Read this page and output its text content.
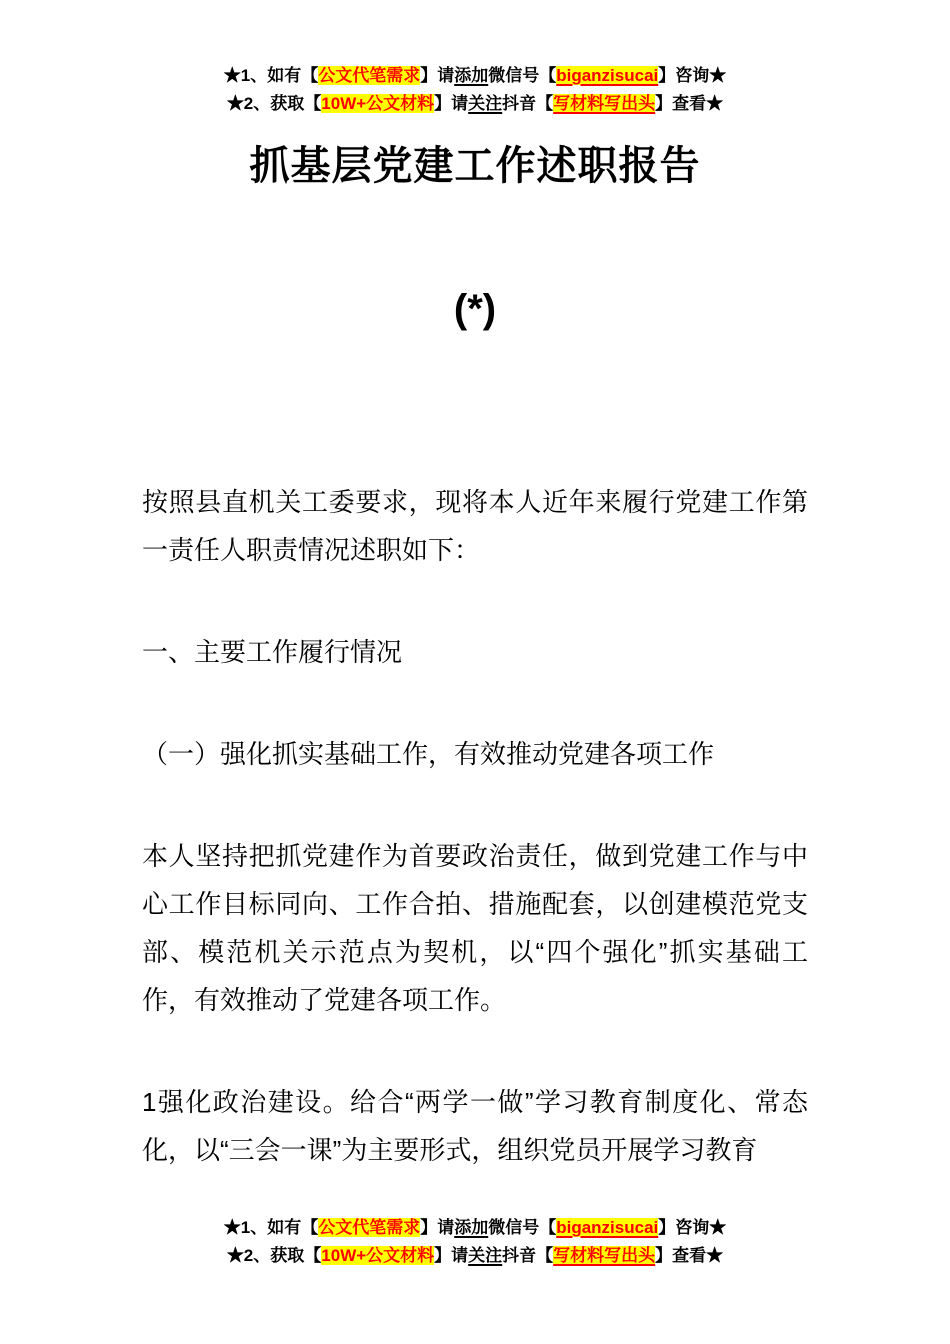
★1、如有【公文代笔需求】请添加微信号【biganzisucai】咨询★
★2、获取【10W+公文材料】请关注抖音【写材料写出头】查看★
抓基层党建工作述职报告
(*)
按照县直机关工委要求，现将本人近年来履行党建工作第一责任人职责情况述职如下：
一、主要工作履行情况
（一）强化抓实基础工作，有效推动党建各项工作
本人坚持把抓党建作为首要政治责任，做到党建工作与中心工作目标同向、工作合拍、措施配套，以创建模范党支部、模范机关示范点为契机，以“四个强化”抓实基础工作，有效推动了党建各项工作。
1强化政治建设。给合“两学一做”学习教育制度化、常态化，以“三会一课”为主要形式，组织党员开展学习教育
★1、如有【公文代笔需求】请添加微信号【biganzisucai】咨询★
★2、获取【10W+公文材料】请关注抖音【写材料写出头】查看★
